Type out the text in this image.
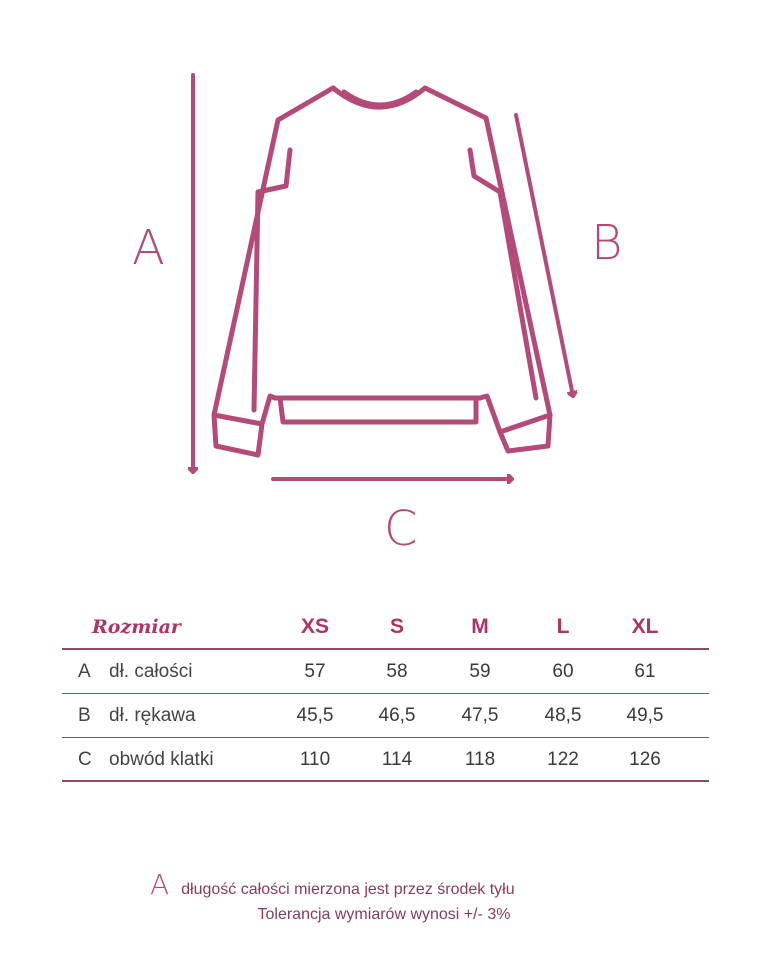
A	B
C
Rozmiar	XS	S	M	L	XL
A dł. całości	57	58	59	60	61
B dł. rękawa	45,5	46,5	47,5	48,5	49,5
C obwód klatki	110	114	118	122	126
A długość całości mierzona jest przez środek tyłu
Tolerancja wymiarów wynosi +/- 3%
